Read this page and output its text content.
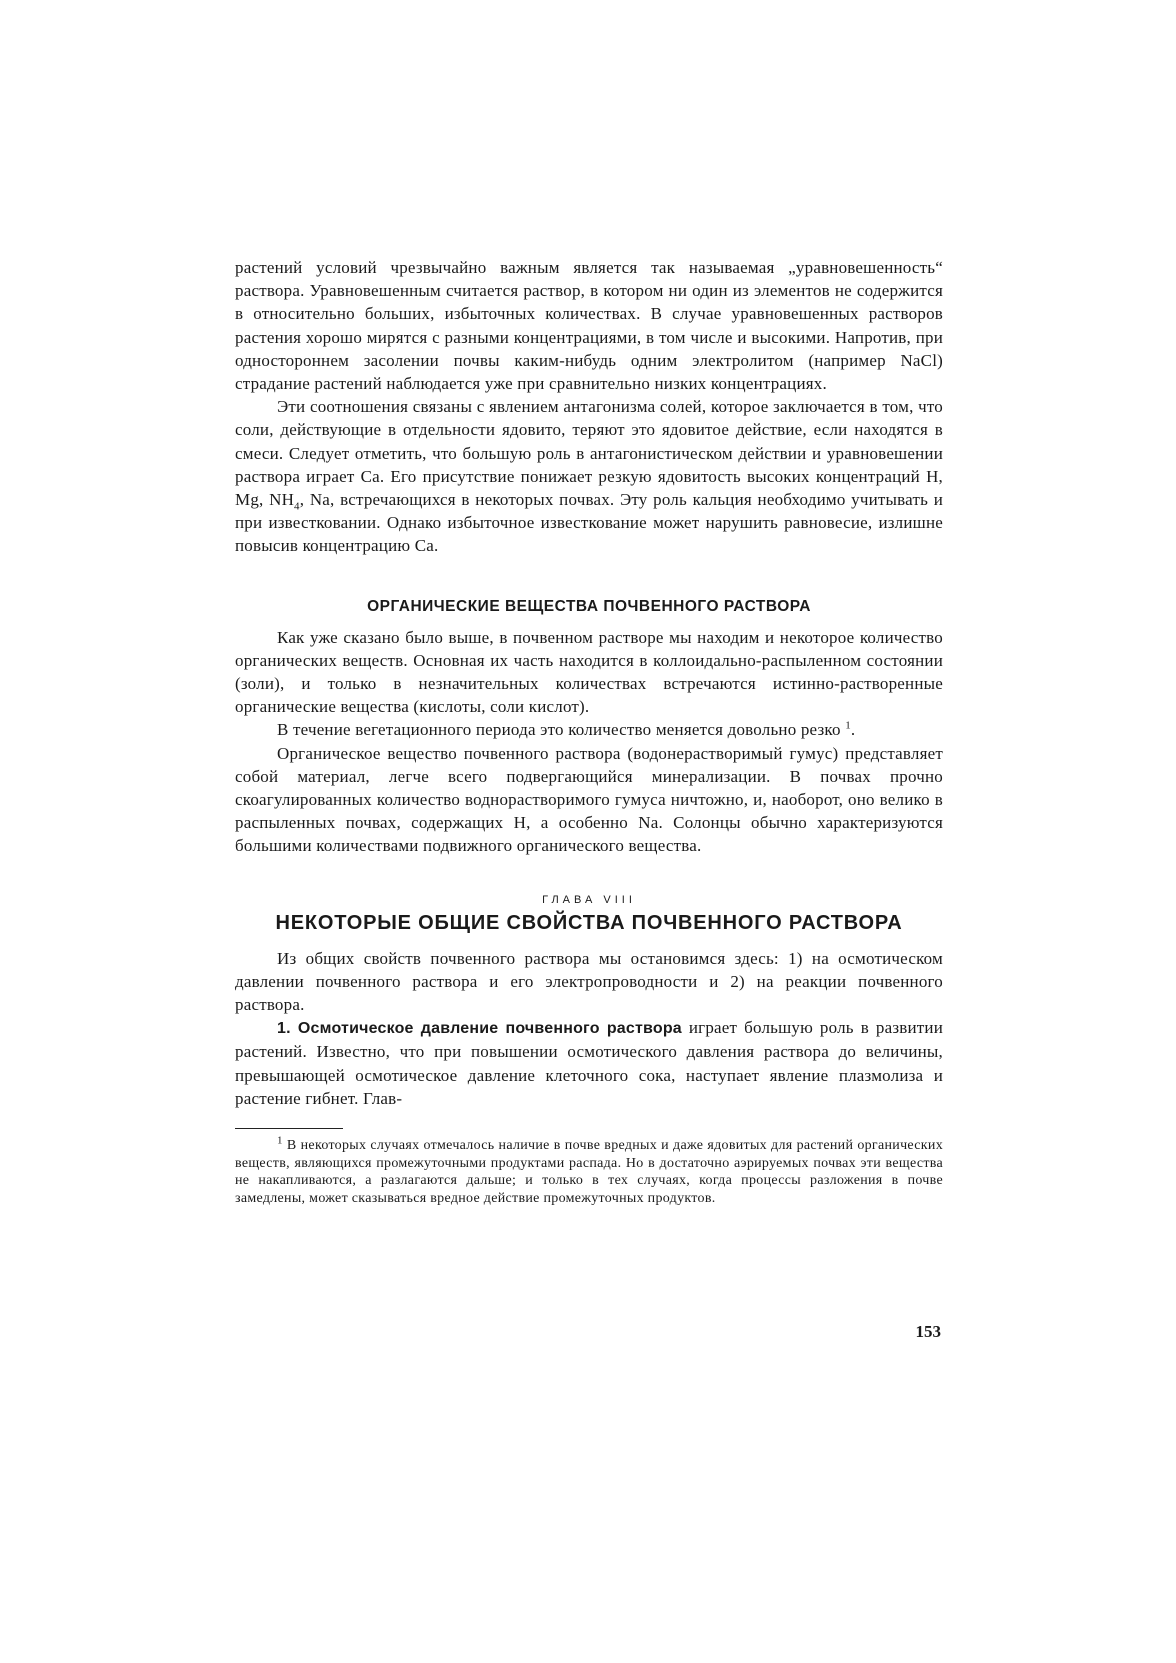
растений условий чрезвычайно важным является так называемая „уравновешенность“ раствора. Уравновешенным считается раствор, в котором ни один из элементов не содержится в относительно больших, избыточных количествах. В случае уравновешенных растворов растения хорошо мирятся с разными концентрациями, в том числе и высокими. Напротив, при одностороннем засолении почвы каким-нибудь одним электролитом (например NaCl) страдание растений наблюдается уже при сравнительно низких концентрациях.

Эти соотношения связаны с явлением антагонизма солей, которое заключается в том, что соли, действующие в отдельности ядовито, теряют это ядовитое действие, если находятся в смеси. Следует отметить, что большую роль в антагонистическом действии и уравновешении раствора играет Са. Его присутствие понижает резкую ядовитость высоких концентраций Н, Mg, $NH_4$, Na, встречающихся в некоторых почвах. Эту роль кальция необходимо учитывать и при известковании. Однако избыточное известкование может нарушить равновесие, излишне повысив концентрацию Са.

ОРГАНИЧЕСКИЕ ВЕЩЕСТВА ПОЧВЕННОГО РАСТВОРА

Как уже сказано было выше, в почвенном растворе мы находим и некоторое количество органических веществ. Основная их часть находится в коллоидально-распыленном состоянии (золи), и только в незначительных количествах встречаются истинно-растворенные органические вещества (кислоты, соли кислот).

В течение вегетационного периода это количество меняется довольно резко $^1$.

Органическое вещество почвенного раствора (водонерастворимый гумус) представляет собой материал, легче всего подвергающийся минерализации. В почвах прочно скоагулированных количество воднорастворимого гумуса ничтожно, и, наоборот, оно велико в распыленных почвах, содержащих Н, а особенно Na. Солонцы обычно характеризуются большими количествами подвижного органического вещества.

ГЛАВА VIII
НЕКОТОРЫЕ ОБЩИЕ СВОЙСТВА ПОЧВЕННОГО РАСТВОРА

Из общих свойств почвенного раствора мы остановимся здесь: 1) на осмотическом давлении почвенного раствора и его электропроводности и 2) на реакции почвенного раствора.

1. Осмотическое давление почвенного раствора играет большую роль в развитии растений. Известно, что при повышении осмотического давления раствора до величины, превышающей осмотическое давление клеточного сока, наступает явление плазмолиза и растение гибнет. Глав-

$^1$ В некоторых случаях отмечалось наличие в почве вредных и даже ядовитых для растений органических веществ, являющихся промежуточными продуктами распада. Но в достаточно аэрируемых почвах эти вещества не накапливаются, а разлагаются дальше; и только в тех случаях, когда процессы разложения в почве замедлены, может сказываться вредное действие промежуточных продуктов.

153
